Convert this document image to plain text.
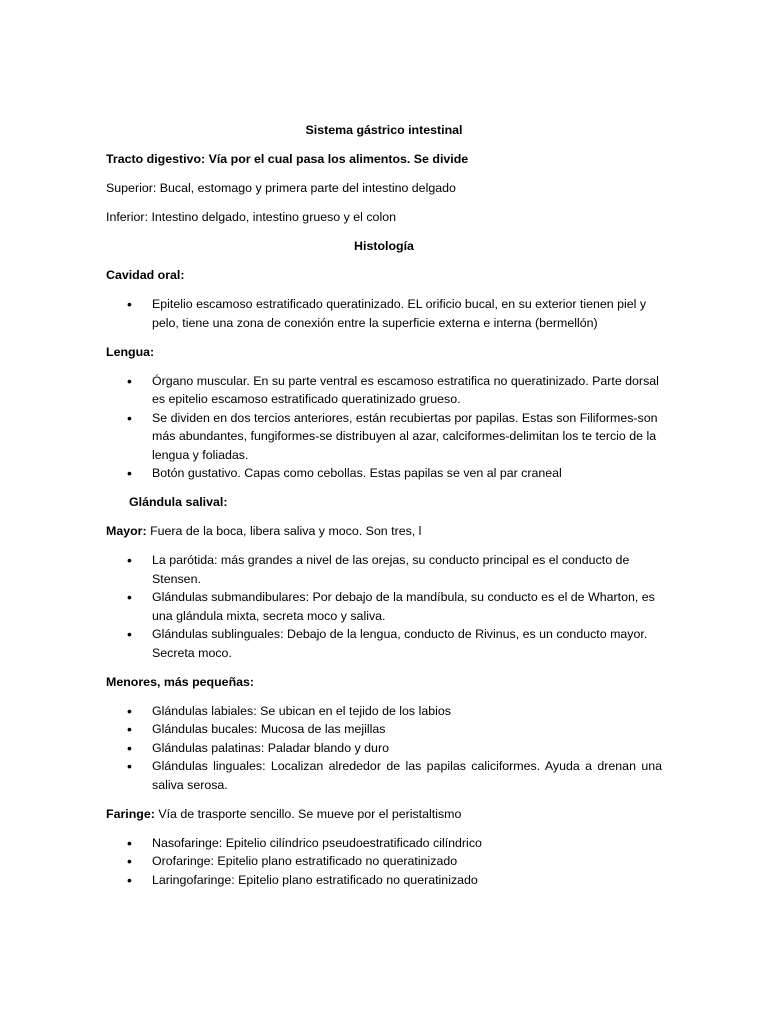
Sistema gástrico intestinal

Tracto digestivo: Vía por el cual pasa los alimentos. Se divide

Superior: Bucal, estomago y primera parte del intestino delgado

Inferior: Intestino delgado, intestino grueso y el colon

Histología

Cavidad oral:

• Epitelio escamoso estratificado queratinizado. EL orificio bucal, en su exterior tienen piel y pelo, tiene una zona de conexión entre la superficie externa e interna (bermellón)

Lengua:

• Órgano muscular. En su parte ventral es escamoso estratifica no queratinizado. Parte dorsal es epitelio escamoso estratificado queratinizado grueso.
• Se dividen en dos tercios anteriores, están recubiertas por papilas. Estas son Filiformes-son más abundantes, fungiformes-se distribuyen al azar, calciformes-delimitan los te tercio de la lengua y foliadas.
• Botón gustativo. Capas como cebollas. Estas papilas se ven al par craneal

Glándula salival:

Mayor: Fuera de la boca, libera saliva y moco. Son tres, l

• La parótida: más grandes a nivel de las orejas, su conducto principal es el conducto de Stensen.
• Glándulas submandibulares: Por debajo de la mandíbula, su conducto es el de Wharton, es una glándula mixta, secreta moco y saliva.
• Glándulas sublinguales: Debajo de la lengua, conducto de Rivinus, es un conducto mayor. Secreta moco.

Menores, más pequeñas:

• Glándulas labiales: Se ubican en el tejido de los labios
• Glándulas bucales: Mucosa de las mejillas
• Glándulas palatinas: Paladar blando y duro
• Glándulas linguales: Localizan alrededor de las papilas caliciformes. Ayuda a drenan una saliva serosa.

Faringe: Vía de trasporte sencillo. Se mueve por el peristaltismo

• Nasofaringe: Epitelio cilíndrico pseudoestratificado cilíndrico
• Orofaringe: Epitelio plano estratificado no queratinizado
• Laringofaringe: Epitelio plano estratificado no queratinizado
